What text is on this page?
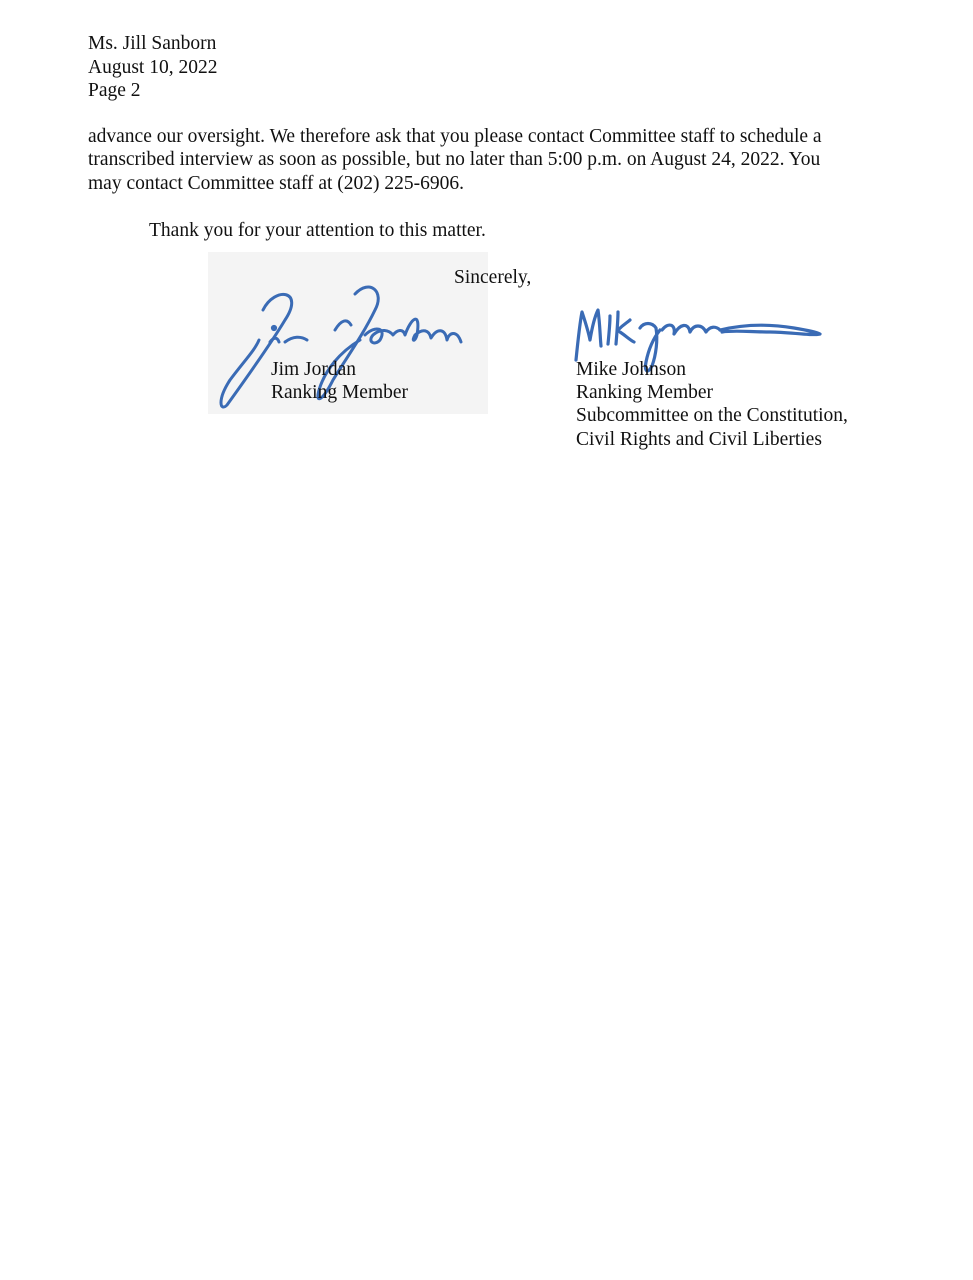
Ms. Jill Sanborn
August 10, 2022
Page 2
advance our oversight. We therefore ask that you please contact Committee staff to schedule a
transcribed interview as soon as possible, but no later than 5:00 p.m. on August 24, 2022. You
may contact Committee staff at (202) 225-6906.
Thank you for your attention to this matter.
Sincerely,
Jim Jordan
Ranking Member
Mike Johnson
Ranking Member
Subcommittee on the Constitution,
Civil Rights and Civil Liberties
